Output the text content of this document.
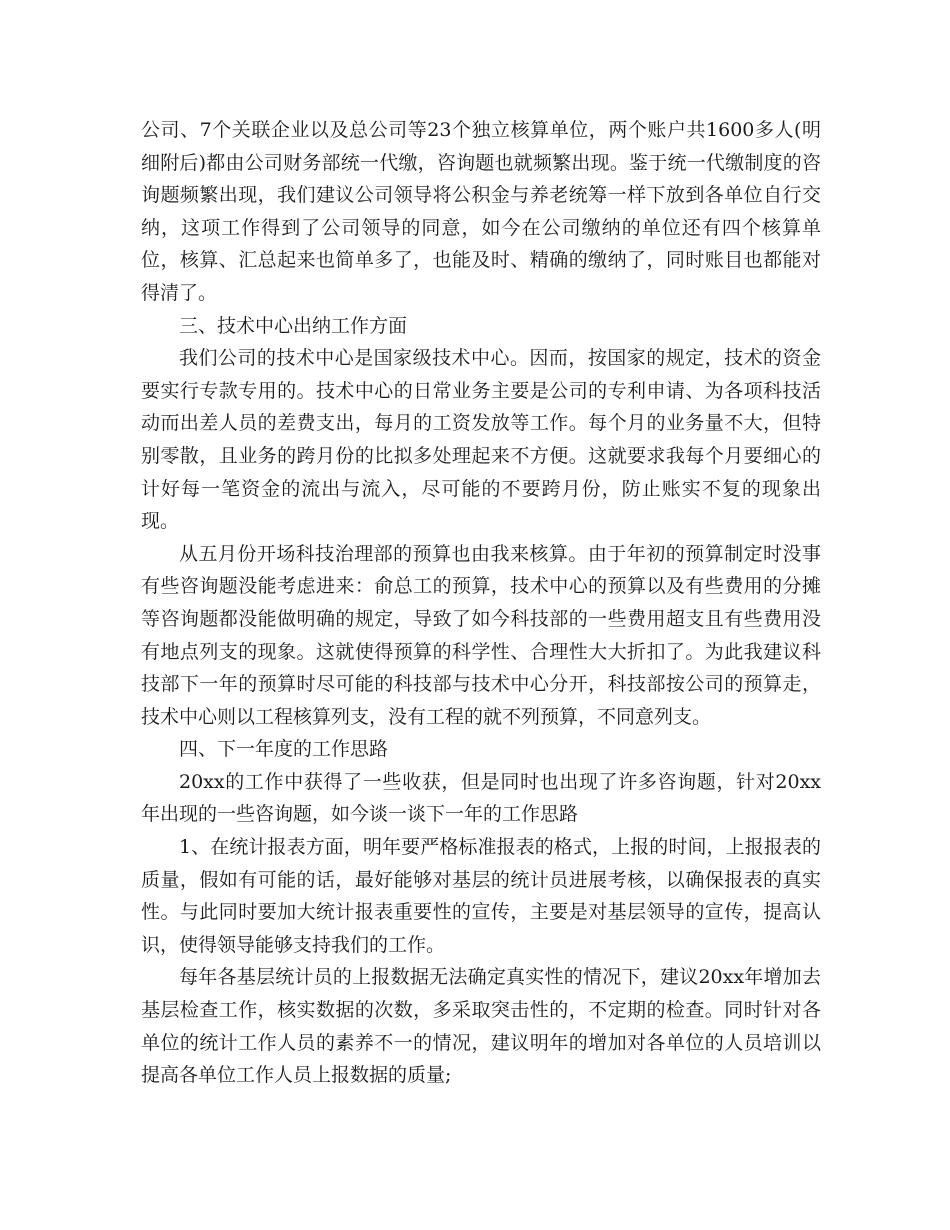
公司、7个关联企业以及总公司等23个独立核算单位，两个账户共1600多人(明细附后)都由公司财务部统一代缴，咨询题也就频繁出现。鉴于统一代缴制度的咨询题频繁出现，我们建议公司领导将公积金与养老统筹一样下放到各单位自行交纳，这项工作得到了公司领导的同意，如今在公司缴纳的单位还有四个核算单位，核算、汇总起来也简单多了，也能及时、精确的缴纳了，同时账目也都能对得清了。

三、技术中心出纳工作方面

我们公司的技术中心是国家级技术中心。因而，按国家的规定，技术的资金要实行专款专用的。技术中心的日常业务主要是公司的专利申请、为各项科技活动而出差人员的差费支出，每月的工资发放等工作。每个月的业务量不大，但特别零散，且业务的跨月份的比拟多处理起来不方便。这就要求我每个月要细心的计好每一笔资金的流出与流入，尽可能的不要跨月份，防止账实不复的现象出现。

从五月份开场科技治理部的预算也由我来核算。由于年初的预算制定时没事有些咨询题没能考虑进来：俞总工的预算，技术中心的预算以及有些费用的分摊等咨询题都没能做明确的规定，导致了如今科技部的一些费用超支且有些费用没有地点列支的现象。这就使得预算的科学性、合理性大大折扣了。为此我建议科技部下一年的预算时尽可能的科技部与技术中心分开，科技部按公司的预算走，技术中心则以工程核算列支，没有工程的就不列预算，不同意列支。

四、下一年度的工作思路

20xx的工作中获得了一些收获，但是同时也出现了许多咨询题，针对20xx年出现的一些咨询题，如今谈一谈下一年的工作思路

1、在统计报表方面，明年要严格标准报表的格式，上报的时间，上报报表的质量，假如有可能的话，最好能够对基层的统计员进展考核，以确保报表的真实性。与此同时要加大统计报表重要性的宣传，主要是对基层领导的宣传，提高认识，使得领导能够支持我们的工作。

每年各基层统计员的上报数据无法确定真实性的情况下，建议20xx年增加去基层检查工作，核实数据的次数，多采取突击性的，不定期的检查。同时针对各单位的统计工作人员的素养不一的情况，建议明年的增加对各单位的人员培训以提高各单位工作人员上报数据的质量;
